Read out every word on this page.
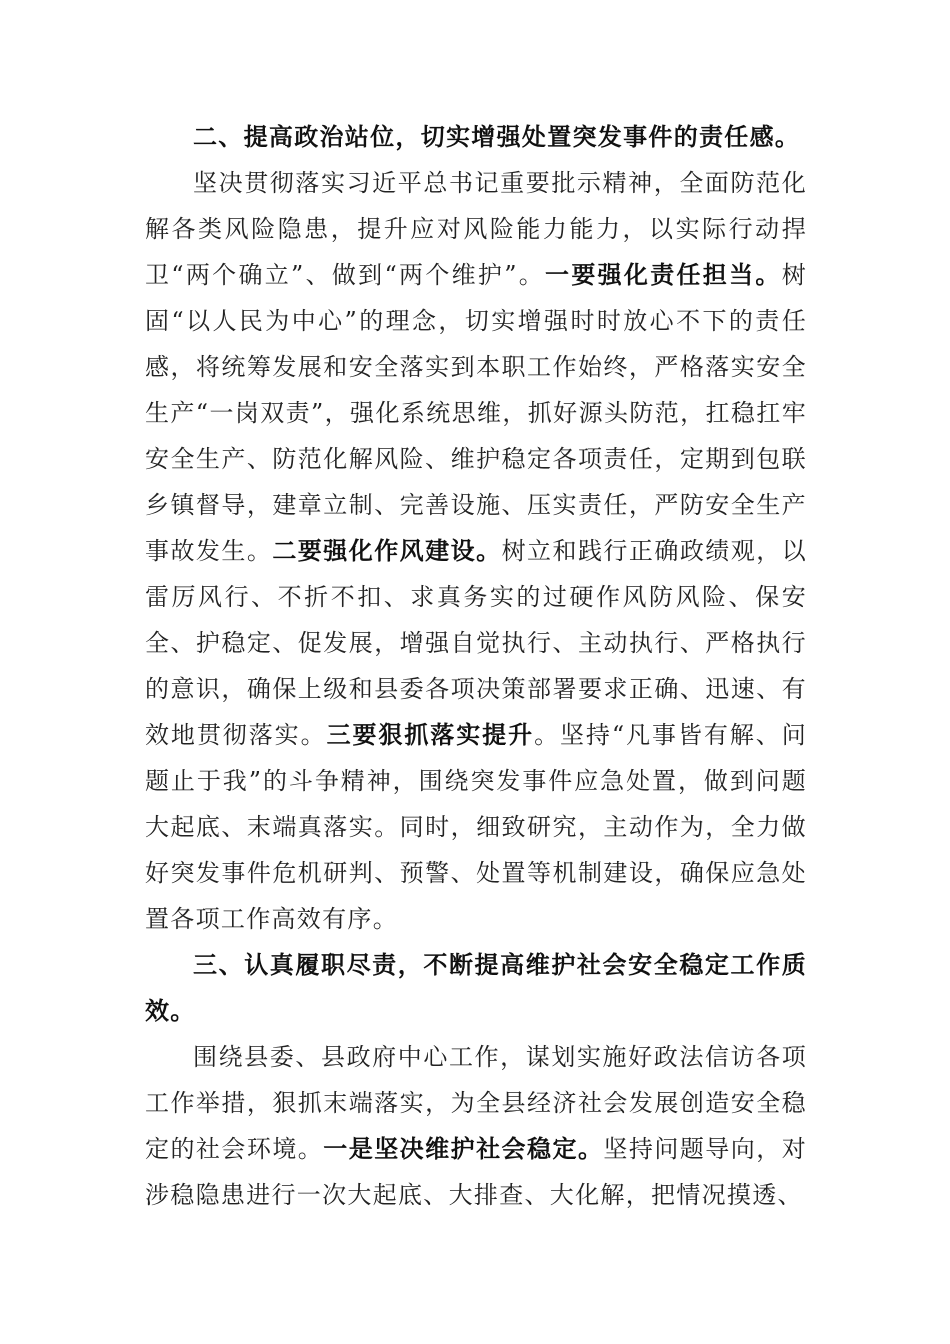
二、提高政治站位，切实增强处置突发事件的责任感。

坚决贯彻落实习近平总书记重要批示精神，全面防范化解各类风险隐患，提升应对风险能力能力，以实际行动捍卫“两个确立”、做到“两个维护”。一要强化责任担当。树固“以人民为中心”的理念，切实增强时时放心不下的责任感，将统筹发展和安全落实到本职工作始终，严格落实安全生产“一岗双责”，强化系统思维，抓好源头防范，扛稳扛牢安全生产、防范化解风险、维护稳定各项责任，定期到包联乡镇督导，建章立制、完善设施、压实责任，严防安全生产事故发生。二要强化作风建设。树立和践行正确政绩观，以雷厉风行、不折不扣、求真务实的过硬作风防风险、保安全、护稳定、促发展，增强自觉执行、主动执行、严格执行的意识，确保上级和县委各项决策部署要求正确、迅速、有效地贯彻落实。三要狠抓落实提升。坚持“凡事皆有解、问题止于我”的斗争精神，围绕突发事件应急处置，做到问题大起底、末端真落实。同时，细致研究，主动作为，全力做好突发事件危机研判、预警、处置等机制建设，确保应急处置各项工作高效有序。

三、认真履职尽责，不断提高维护社会安全稳定工作质效。

围绕县委、县政府中心工作，谋划实施好政法信访各项工作举措，狠抓末端落实，为全县经济社会发展创造安全稳定的社会环境。一是坚决维护社会稳定。坚持问题导向，对涉稳隐患进行一次大起底、大排查、大化解，把情况摸透、
